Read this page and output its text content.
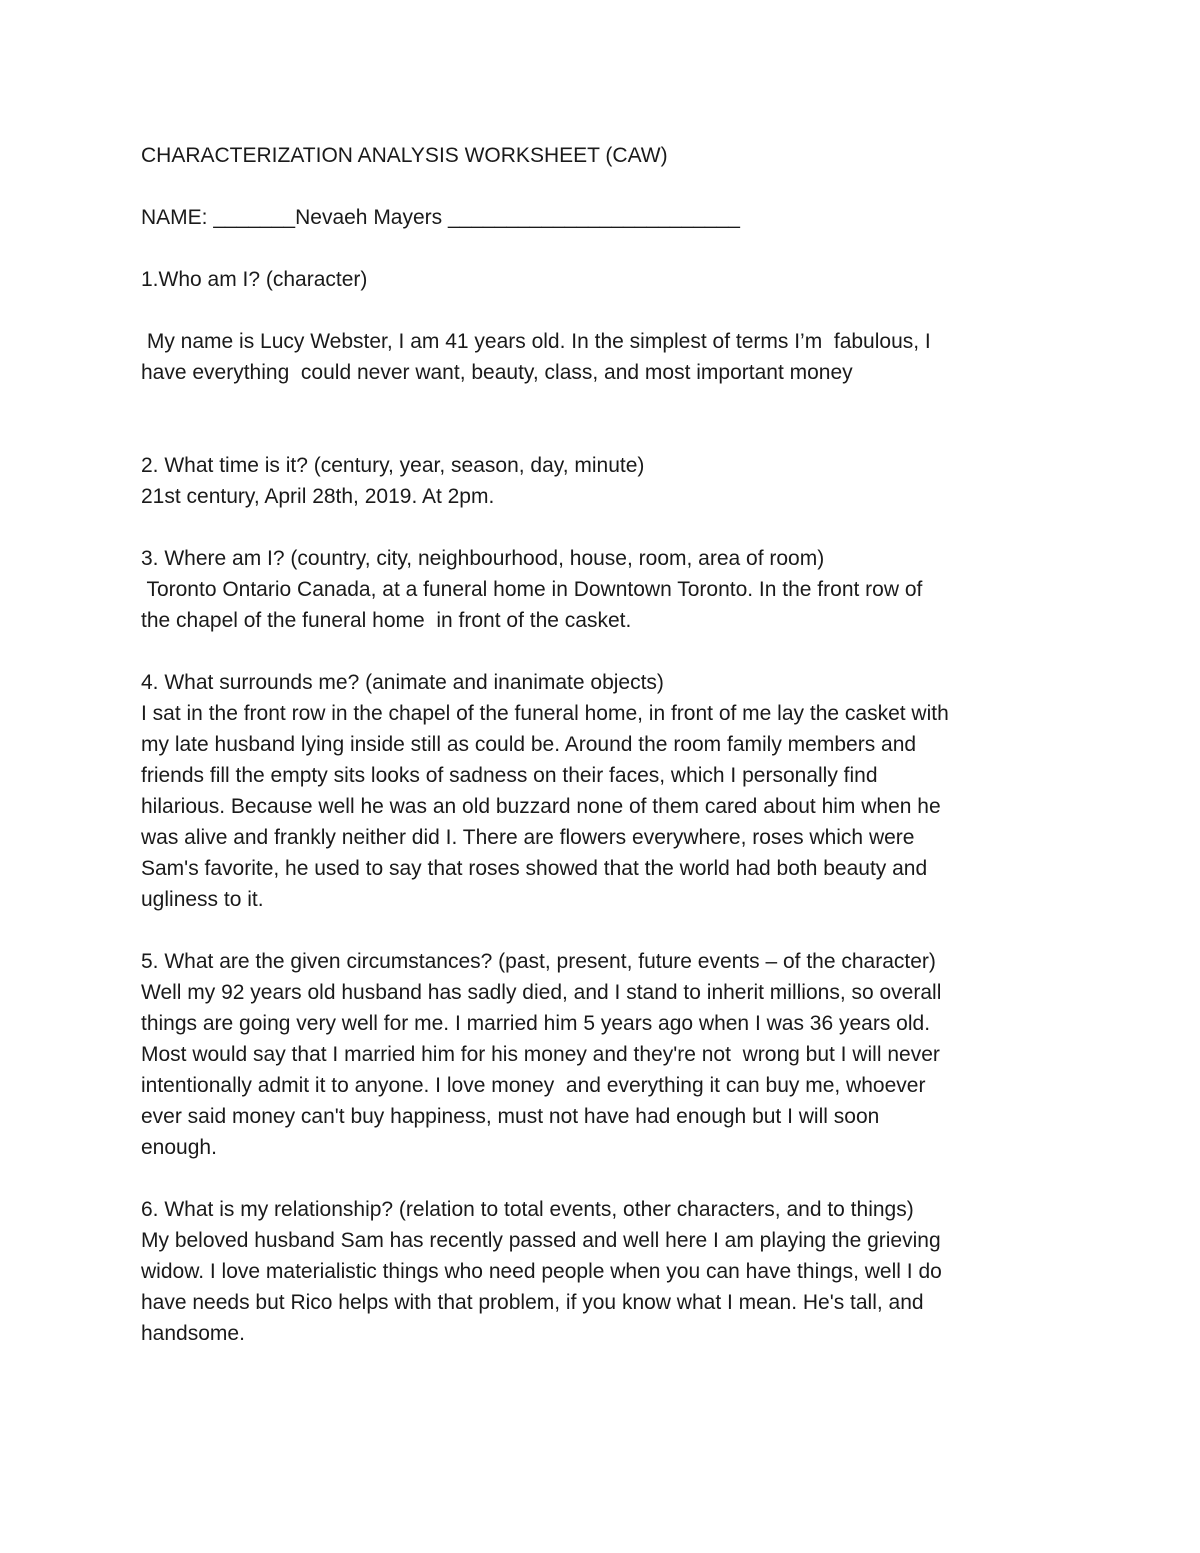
CHARACTERIZATION ANALYSIS WORKSHEET (CAW)
NAME: _______Nevaeh Mayers _________________________
1.Who am I? (character)
My name is Lucy Webster, I am 41 years old. In the simplest of terms I’m  fabulous, I
have everything  could never want, beauty, class, and most important money
2. What time is it? (century, year, season, day, minute)
21st century, April 28th, 2019. At 2pm.
3. Where am I? (country, city, neighbourhood, house, room, area of room)
Toronto Ontario Canada, at a funeral home in Downtown Toronto. In the front row of
the chapel of the funeral home  in front of the casket.
4. What surrounds me? (animate and inanimate objects)
I sat in the front row in the chapel of the funeral home, in front of me lay the casket with
my late husband lying inside still as could be. Around the room family members and
friends fill the empty sits looks of sadness on their faces, which I personally find
hilarious. Because well he was an old buzzard none of them cared about him when he
was alive and frankly neither did I. There are flowers everywhere, roses which were
Sam's favorite, he used to say that roses showed that the world had both beauty and
ugliness to it.
5. What are the given circumstances? (past, present, future events – of the character)
Well my 92 years old husband has sadly died, and I stand to inherit millions, so overall
things are going very well for me. I married him 5 years ago when I was 36 years old.
Most would say that I married him for his money and they're not  wrong but I will never
intentionally admit it to anyone. I love money  and everything it can buy me, whoever
ever said money can't buy happiness, must not have had enough but I will soon
enough.
6. What is my relationship? (relation to total events, other characters, and to things)
My beloved husband Sam has recently passed and well here I am playing the grieving
widow. I love materialistic things who need people when you can have things, well I do
have needs but Rico helps with that problem, if you know what I mean. He's tall, and
handsome.
